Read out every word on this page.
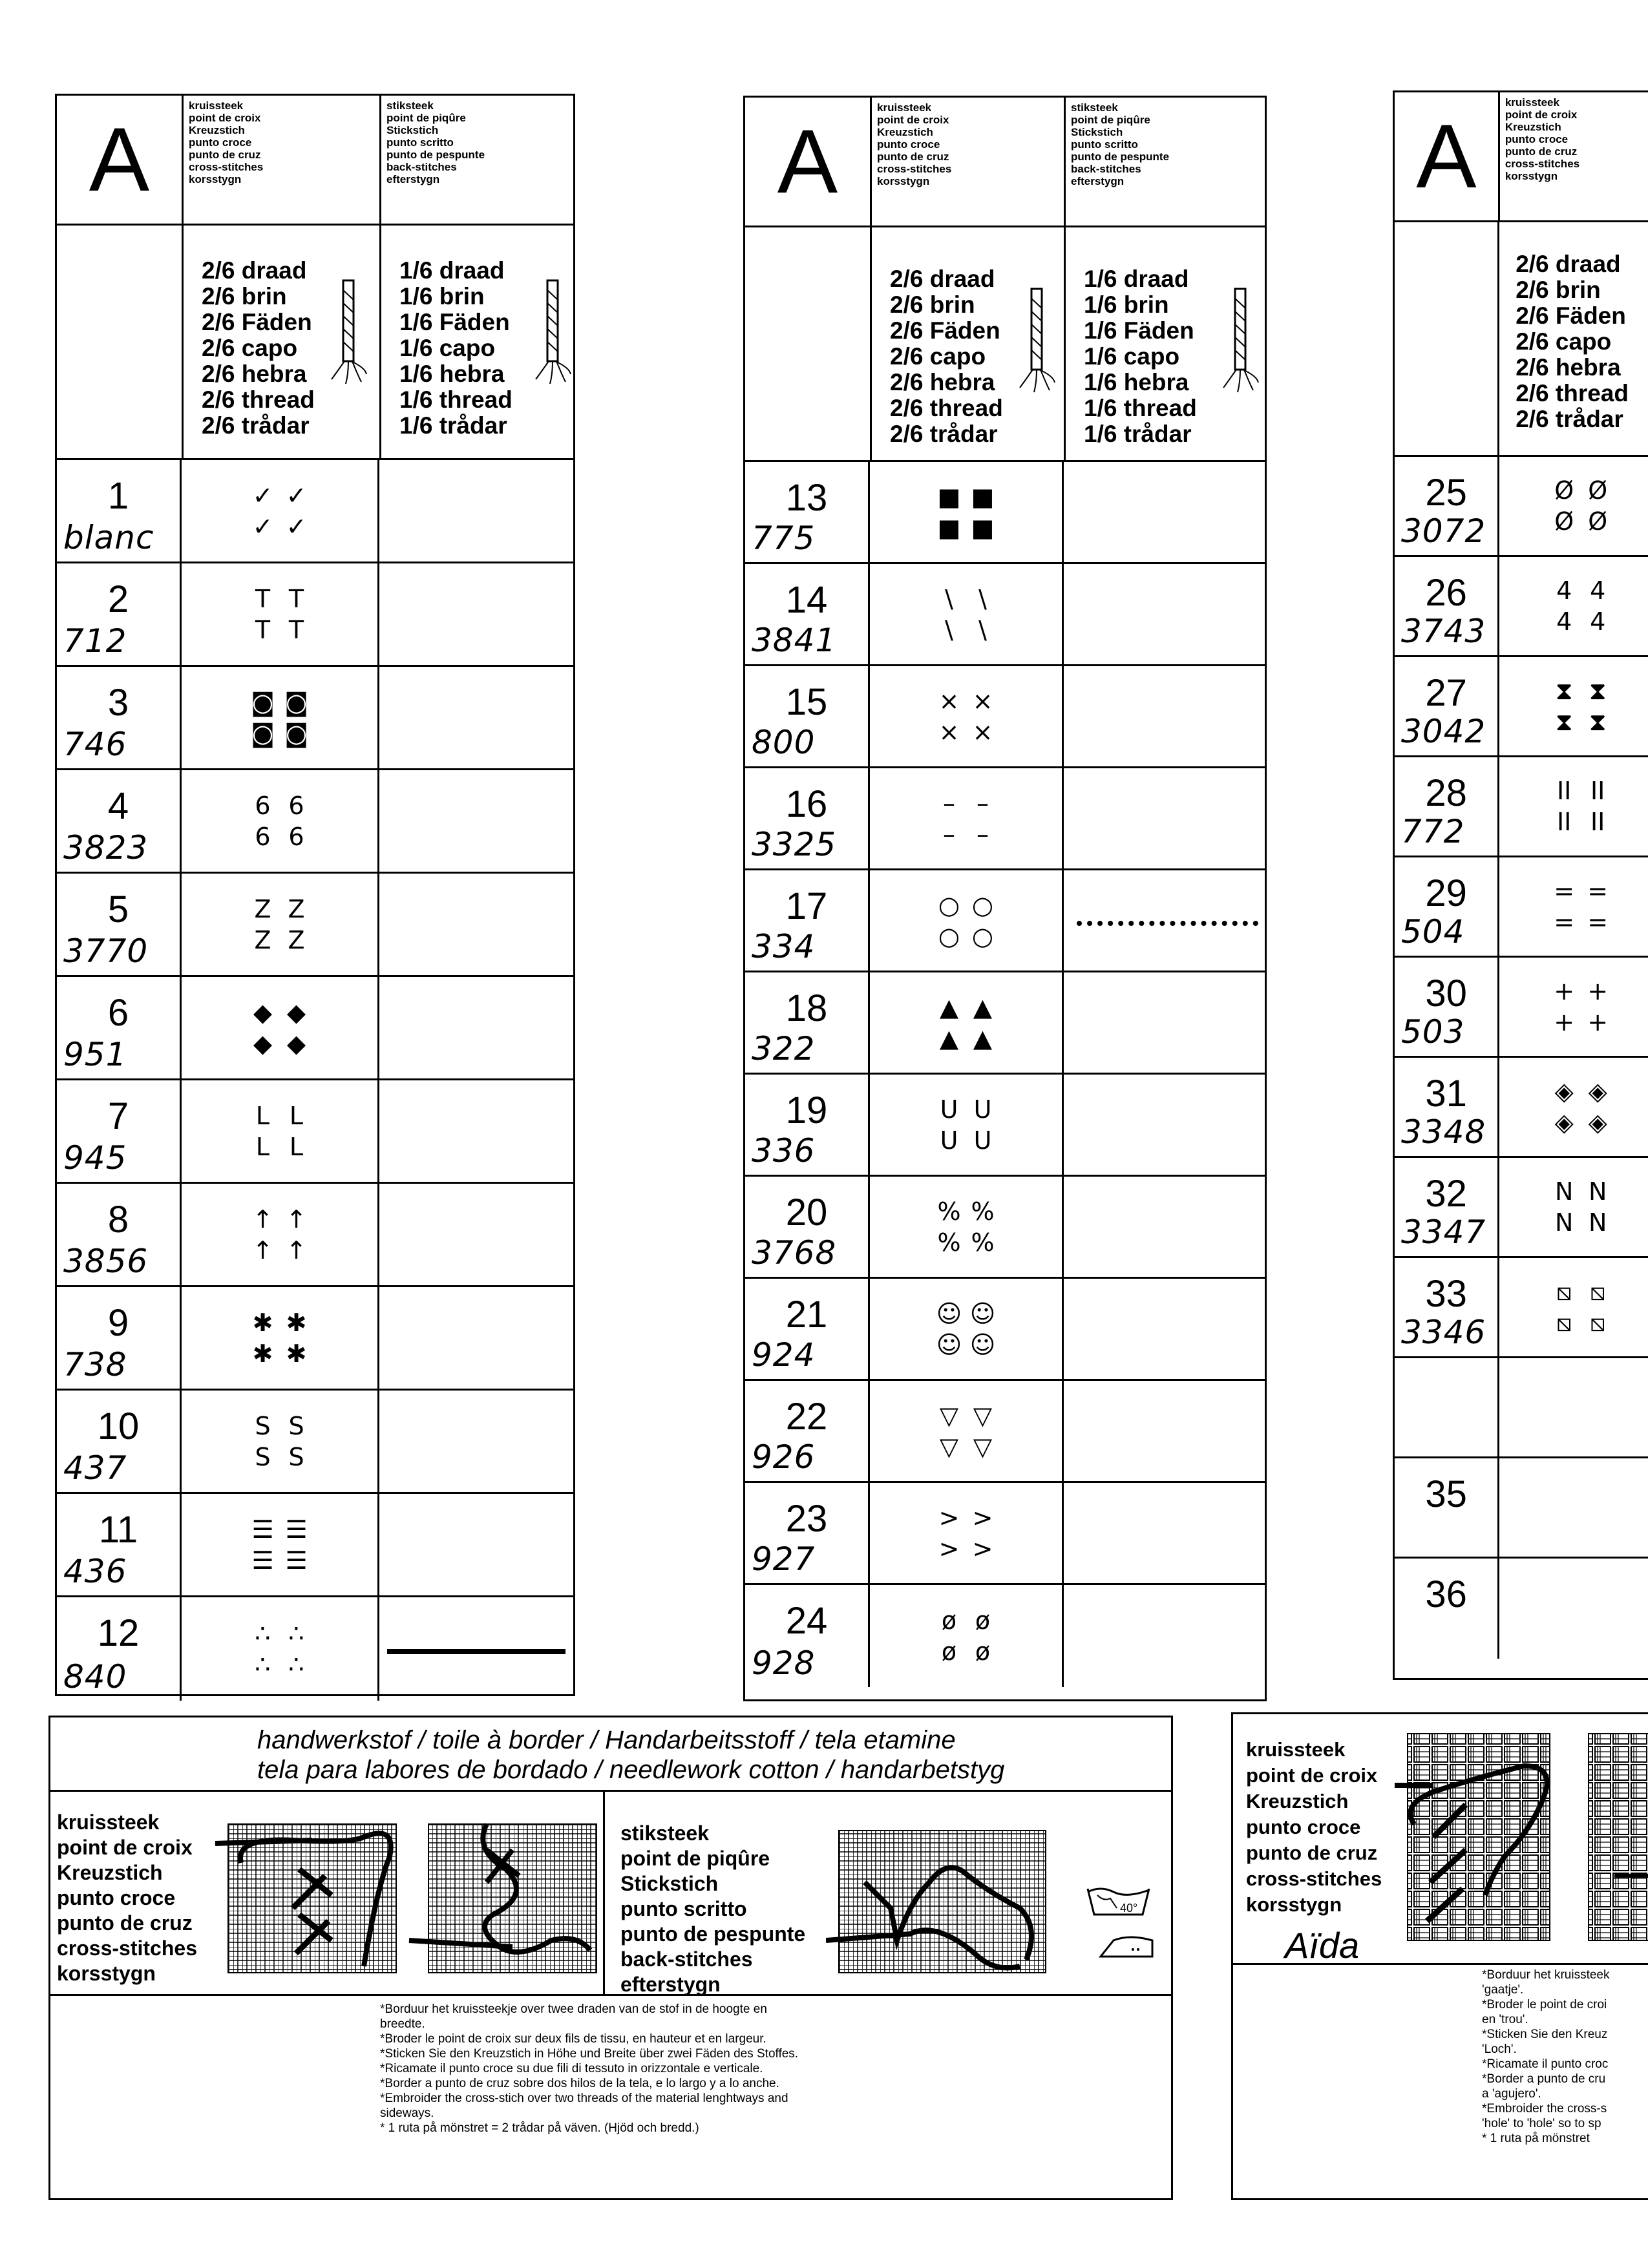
A
kruissteek
point de croix
Kreuzstich
punto croce
punto de cruz
cross-stitches
korsstygn
stiksteek
point de piqûre
Stickstich
punto scritto
punto de pespunte
back-stitches
efterstygn
2/6 draad
2/6 brin
2/6 Fäden
2/6 capo
2/6 hebra
2/6 thread
2/6 trådar
1/6 draad
1/6 brin
1/6 Fäden
1/6 capo
1/6 hebra
1/6 thread
1/6 trådar
1
blanc
✓ ✓
✓ ✓
2
712
T T
T T
3
746
◙ ◙
◙ ◙
4
3823
6 6
6 6
5
3770
Z Z
Z Z
6
951
◆ ◆
◆ ◆
7
945
L L
L L
8
3856
↑ ↑
↑ ↑
9
738
✱ ✱
✱ ✱
10
437
S S
S S
11
436
☰ ☰
☰ ☰
12
840
∴ ∴
∴ ∴
A
kruissteek
point de croix
Kreuzstich
punto croce
punto de cruz
cross-stitches
korsstygn
stiksteek
point de piqûre
Stickstich
punto scritto
punto de pespunte
back-stitches
efterstygn
2/6 draad
2/6 brin
2/6 Fäden
2/6 capo
2/6 hebra
2/6 thread
2/6 trådar
1/6 draad
1/6 brin
1/6 Fäden
1/6 capo
1/6 hebra
1/6 thread
1/6 trådar
13
775
■ ■
■ ■
14
3841
\ \
\ \
15
800
× ×
× ×
16
3325
– –
– –
17
334
○ ○
○ ○
18
322
▲ ▲
▲ ▲
19
336
U U
U U
20
3768
% %
% %
21
924
☺ ☺
☺ ☺
22
926
▽ ▽
▽ ▽
23
927
> >
> >
24
928
ø ø
ø ø
A
kruissteek
point de croix
Kreuzstich
punto croce
punto de cruz
cross-stitches
korsstygn
2/6 draad
2/6 brin
2/6 Fäden
2/6 capo
2/6 hebra
2/6 thread
2/6 trådar
25
3072
Ø Ø
Ø Ø
26
3743
4 4
4 4
27
3042
⧗ ⧗
⧗ ⧗
28
772
II II
II II
29
504
= =
= =
30
503
+ +
+ +
31
3348
◈ ◈
◈ ◈
32
3347
N N
N N
33
3346
⧅ ⧅
⧅ ⧅
35
36
handwerkstof / toile à border / Handarbeitsstoff / tela etamine
tela para labores de bordado / needlework cotton / handarbetstyg
kruissteek
point de croix
Kreuzstich
punto croce
punto de cruz
cross-stitches
korsstygn
stiksteek
point de piqûre
Stickstich
punto scritto
punto de pespunte
back-stitches
efterstygn
40°
*Borduur het kruissteekje over twee draden van de stof in de hoogte en
breedte.
*Broder le point de croix sur deux fils de tissu, en hauteur et en largeur.
*Sticken Sie den Kreuzstich in Höhe und Breite über zwei Fäden des Stoffes.
*Ricamate il punto croce su due fili di tessuto in orizzontale e verticale.
*Border a punto de cruz sobre dos hilos de la tela, e lo largo y a lo anche.
*Embroider the cross-stich over two threads of the material lenghtways and
sideways.
* 1 ruta på mönstret = 2 trådar på väven. (Hjöd och bredd.)
kruissteek
point de croix
Kreuzstich
punto croce
punto de cruz
cross-stitches
korsstygn
Aïda
*Borduur het kruissteek
'gaatje'.
*Broder le point de croi
en 'trou'.
*Sticken Sie den Kreuz
'Loch'.
*Ricamate il punto croc
*Border a punto de cru
a 'agujero'.
*Embroider the cross-s
'hole' to 'hole' so to sp
* 1 ruta på mönstret
